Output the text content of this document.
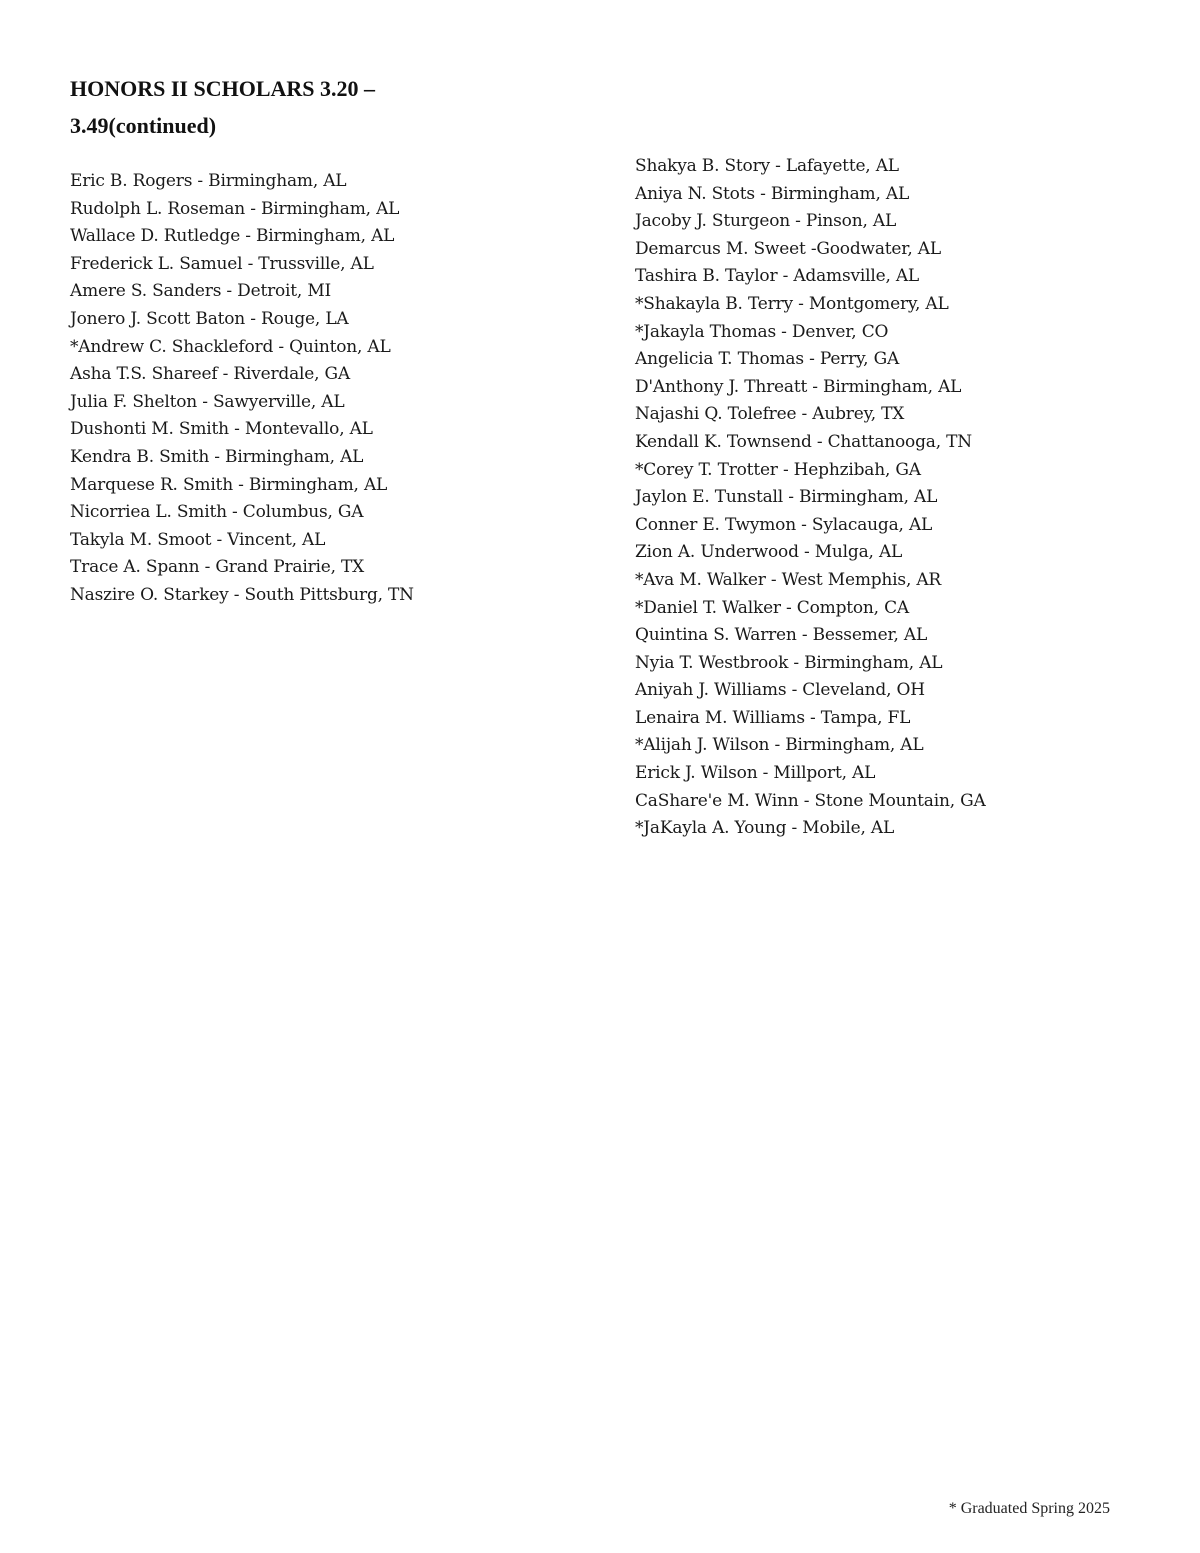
HONORS II SCHOLARS 3.20 –
3.49(continued)
Eric B. Rogers - Birmingham, AL
Rudolph L. Roseman - Birmingham, AL
Wallace D. Rutledge - Birmingham, AL
Frederick L. Samuel - Trussville, AL
Amere S. Sanders - Detroit, MI
Jonero J. Scott Baton - Rouge, LA
*Andrew C. Shackleford - Quinton, AL
Asha T.S. Shareef - Riverdale, GA
Julia F. Shelton - Sawyerville, AL
Dushonti M. Smith - Montevallo, AL
Kendra B. Smith - Birmingham, AL
Marquese R. Smith - Birmingham, AL
Nicorriea L. Smith - Columbus, GA
Takyla M. Smoot - Vincent, AL
Trace A. Spann - Grand Prairie, TX
Naszire O. Starkey - South Pittsburg, TN
Shakya B. Story - Lafayette, AL
Aniya N. Stots - Birmingham, AL
Jacoby J. Sturgeon - Pinson, AL
Demarcus M. Sweet -Goodwater, AL
Tashira B. Taylor - Adamsville, AL
*Shakayla B. Terry - Montgomery, AL
*Jakayla Thomas - Denver, CO
Angelicia T. Thomas - Perry, GA
D'Anthony J. Threatt - Birmingham, AL
Najashi Q. Tolefree - Aubrey, TX
Kendall K. Townsend - Chattanooga, TN
*Corey T. Trotter - Hephzibah, GA
Jaylon E. Tunstall - Birmingham, AL
Conner E. Twymon - Sylacauga, AL
Zion A. Underwood - Mulga, AL
*Ava M. Walker - West Memphis, AR
*Daniel T. Walker - Compton, CA
Quintina S. Warren - Bessemer, AL
Nyia T. Westbrook - Birmingham, AL
Aniyah J. Williams - Cleveland, OH
Lenaira M. Williams - Tampa, FL
*Alijah J. Wilson - Birmingham, AL
Erick J. Wilson - Millport, AL
CaShare'e M. Winn - Stone Mountain, GA
*JaKayla A. Young - Mobile, AL
* Graduated Spring 2025
